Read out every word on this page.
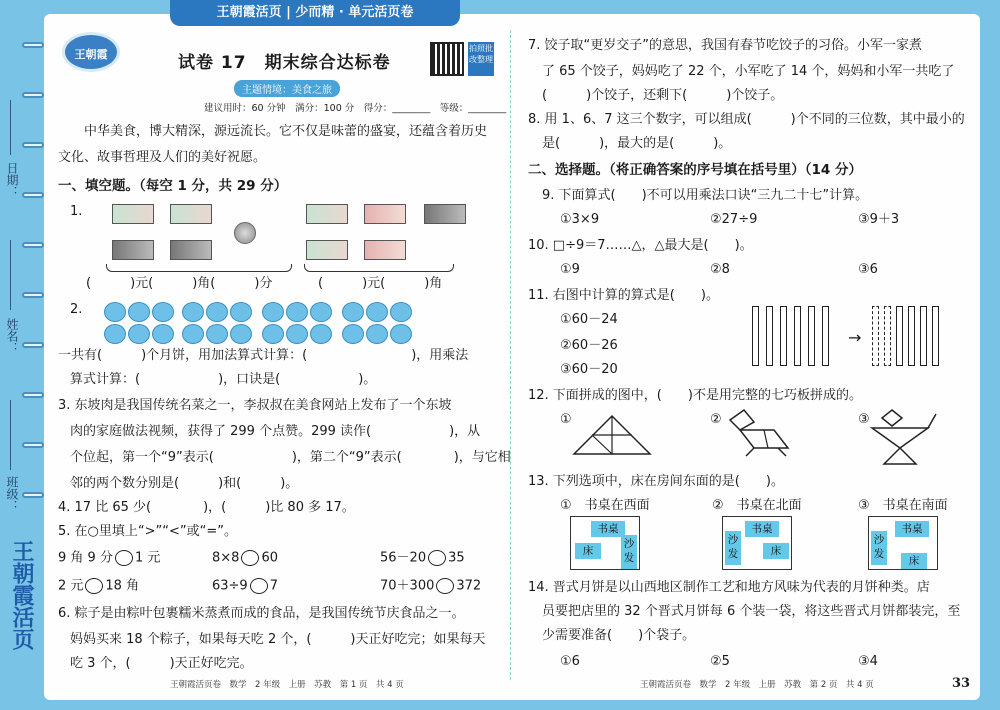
日期：
姓名：
班级：
王朝霞活页
王朝霞活页 | 少而精 · 单元活页卷
王朝霞	试卷 17　期末综合达标卷
主题情境：美食之旅
拍照批改整理
建议用时：60 分钟　满分：100 分　得分：________　等级：________
　　中华美食，博大精深，源远流长。它不仅是味蕾的盛宴，还蕴含着历史
文化、故事哲理及人们的美好祝愿。
一、填空题。（每空 1 分，共 29 分）
1.
(　　　)元(　　　)角(　　　)分	(　　　)元(　　　)角
2.
一共有(　　　)个月饼，用加法算式计算：(　　　　　　　　)，用乘法
算式计算：(　　　　　　)，口诀是(　　　　　　)。
3. 东坡肉是我国传统名菜之一，李叔叔在美食网站上发布了一个东坡
肉的家庭做法视频，获得了 299 个点赞。299 读作(　　　　　　)，从
个位起，第一个“9”表示(　　　　　　)，第二个“9”表示(　　　　)，与它相
邻的两个数分别是(　　　)和(　　　)。
4. 17 比 65 少(　　　　)，(　　　)比 80 多 17。
5. 在○里填上“>”“<”或“=”。
9 角 9 分 1 元	8×8 60	56－20 35
2 元 18 角	63÷9 7	70＋300 372
6. 粽子是由粽叶包裹糯米蒸煮而成的食品，是我国传统节庆食品之一。
妈妈买来 18 个粽子，如果每天吃 2 个，(　　　)天正好吃完；如果每天
吃 3 个，(　　　)天正好吃完。
7. 饺子取“更岁交子”的意思，我国有春节吃饺子的习俗。小军一家煮
了 65 个饺子，妈妈吃了 22 个，小军吃了 14 个，妈妈和小军一共吃了
(　　　)个饺子，还剩下(　　　)个饺子。
8. 用 1、6、7 这三个数字，可以组成(　　　)个不同的三位数，其中最小的
是(　　　)，最大的是(　　　)。
二、选择题。（将正确答案的序号填在括号里）（14 分）
9. 下面算式(　　)不可以用乘法口诀“三九二十七”计算。
①3×9	②27÷9	③9＋3
10. □÷9＝7……△，△最大是(　　)。
①9	②8	③6
11. 右图中计算的算式是(　　)。
①60－24
②60－26
③60－20
→
12. 下面拼成的图中，(　　)不是用完整的七巧板拼成的。
①	②	③
13. 下列选项中，床在房间东面的是(　　)。
①　书桌在西面
书桌
床
沙发
②　书桌在北面
书桌
床
沙发
③　书桌在南面
书桌
床
沙发
14. 晋式月饼是以山西地区制作工艺和地方风味为代表的月饼种类。店
员要把店里的 32 个晋式月饼每 6 个装一袋，将这些晋式月饼都装完，至
少需要准备(　　)个袋子。
①6	②5	③4
王朝霞活页卷　数学　2 年级　上册　苏教　第 1 页　共 4 页	王朝霞活页卷　数学　2 年级　上册　苏教　第 2 页　共 4 页	33
